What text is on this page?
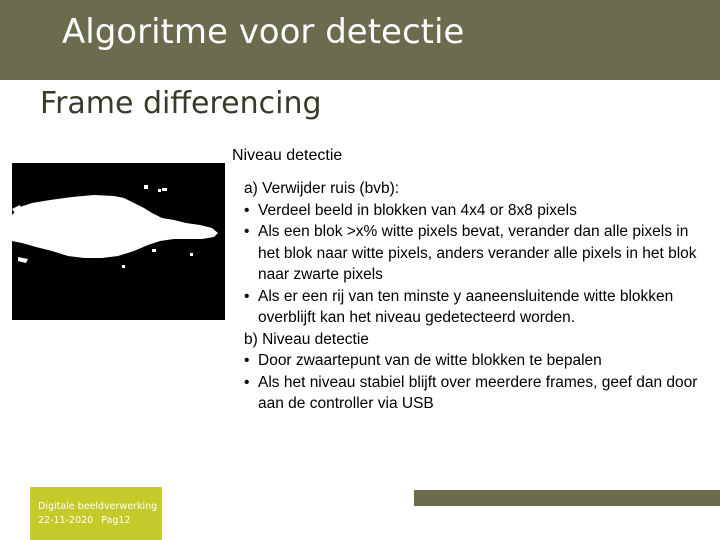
Algoritme voor detectie
Frame differencing
Niveau detectie
a) Verwijder ruis (bvb):
• Verdeel beeld in blokken van 4x4 or 8x8 pixels
• Als een blok >x% witte pixels bevat, verander dan alle pixels in het blok naar witte pixels, anders verander alle pixels in het blok naar zwarte pixels
• Als er een rij van ten minste y aaneensluitende witte blokken overblijft kan het niveau gedetecteerd worden.
b) Niveau detectie
• Door zwaartepunt van de witte blokken te bepalen
• Als het niveau stabiel blijft over meerdere frames, geef dan door aan de controller via USB
Digitale beeldverwerking
22-11-2020 Pag12
